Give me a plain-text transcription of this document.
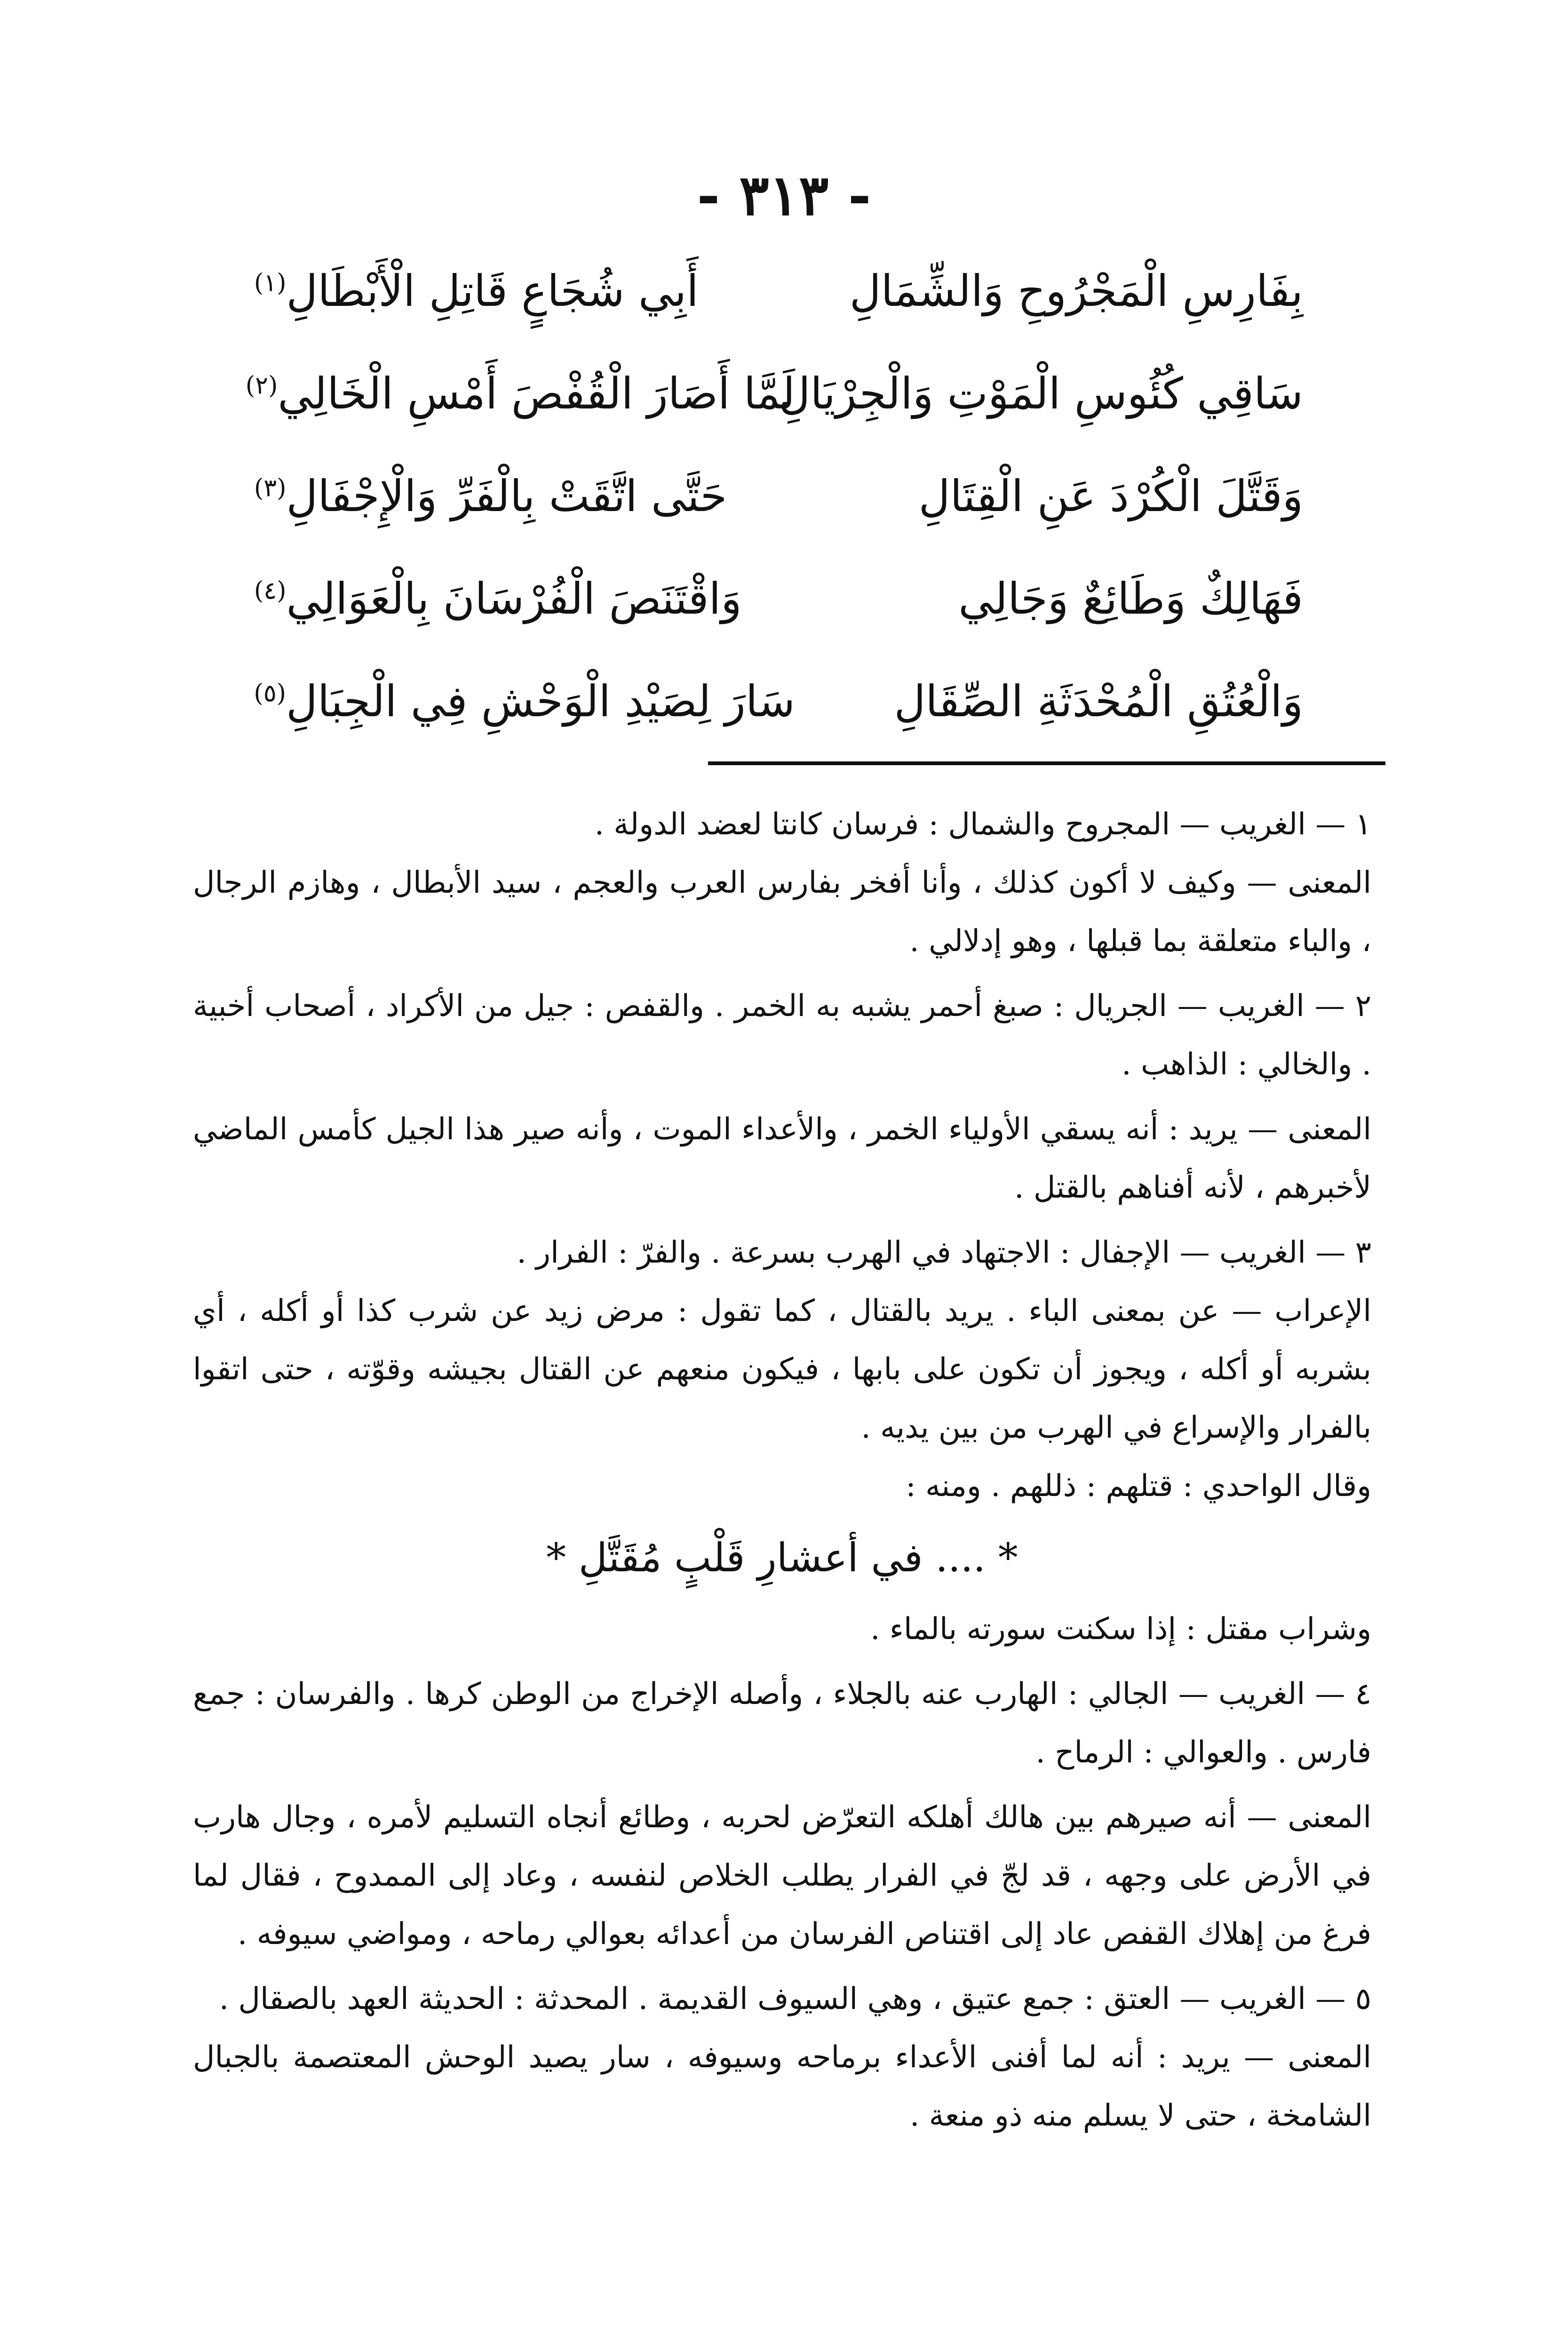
- ٣١٣ -
بِفَارِسِ الْمَجْرُوحِ وَالشِّمَالِ
أَبِي شُجَاعٍ قَاتِلِ الْأَبْطَالِ$^{(١)}$
سَاقِي كُئُوسِ الْمَوْتِ وَالْجِرْيَالِ
لَمَّا أَصَارَ الْقُفْصَ أَمْسِ الْخَالِي$^{(٢)}$
وَقَتَّلَ الْكُرْدَ عَنِ الْقِتَالِ
حَتَّى اتَّقَتْ بِالْفَرِّ وَالْإِجْفَالِ$^{(٣)}$
فَهَالِكٌ وَطَائِعٌ وَجَالِي
وَاقْتَنَصَ الْفُرْسَانَ بِالْعَوَالِي$^{(٤)}$
وَالْعُتُقِ الْمُحْدَثَةِ الصِّقَالِ
سَارَ لِصَيْدِ الْوَحْشِ فِي الْجِبَالِ$^{(٥)}$

١ — الغريب — المجروح والشمال : فرسان كانتا لعضد الدولة .

المعنى — وكيف لا أكون كذلك ، وأنا أفخر بفارس العرب والعجم ، سيد الأبطال ، وهازم الرجال ، والباء متعلقة بما قبلها ، وهو إدلالي .

٢ — الغريب — الجريال : صبغ أحمر يشبه به الخمر . والقفص : جيل من الأكراد ، أصحاب أخبية . والخالي : الذاهب .

المعنى — يريد : أنه يسقي الأولياء الخمر ، والأعداء الموت ، وأنه صير هذا الجيل كأمس الماضي لأخبرهم ، لأنه أفناهم بالقتل .

٣ — الغريب — الإجفال : الاجتهاد في الهرب بسرعة . والفرّ : الفرار .

الإعراب — عن بمعنى الباء . يريد بالقتال ، كما تقول : مرض زيد عن شرب كذا أو أكله ، أي بشربه أو أكله ، ويجوز أن تكون على بابها ، فيكون منعهم عن القتال بجيشه وقوّته ، حتى اتقوا بالفرار والإسراع في الهرب من بين يديه .

وقال الواحدي : قتلهم : ذللهم . ومنه :

* .... في أعشارِ قَلْبٍ مُقَتَّلِ *

وشراب مقتل : إذا سكنت سورته بالماء .

٤ — الغريب — الجالي : الهارب عنه بالجلاء ، وأصله الإخراج من الوطن كرها . والفرسان : جمع فارس . والعوالي : الرماح .

المعنى — أنه صيرهم بين هالك أهلكه التعرّض لحربه ، وطائع أنجاه التسليم لأمره ، وجال هارب في الأرض على وجهه ، قد لجّ في الفرار يطلب الخلاص لنفسه ، وعاد إلى الممدوح ، فقال لما فرغ من إهلاك القفص عاد إلى اقتناص الفرسان من أعدائه بعوالي رماحه ، ومواضي سيوفه .

٥ — الغريب — العتق : جمع عتيق ، وهي السيوف القديمة . المحدثة : الحديثة العهد بالصقال .

المعنى — يريد : أنه لما أفنى الأعداء برماحه وسيوفه ، سار يصيد الوحش المعتصمة بالجبال الشامخة ، حتى لا يسلم منه ذو منعة .
